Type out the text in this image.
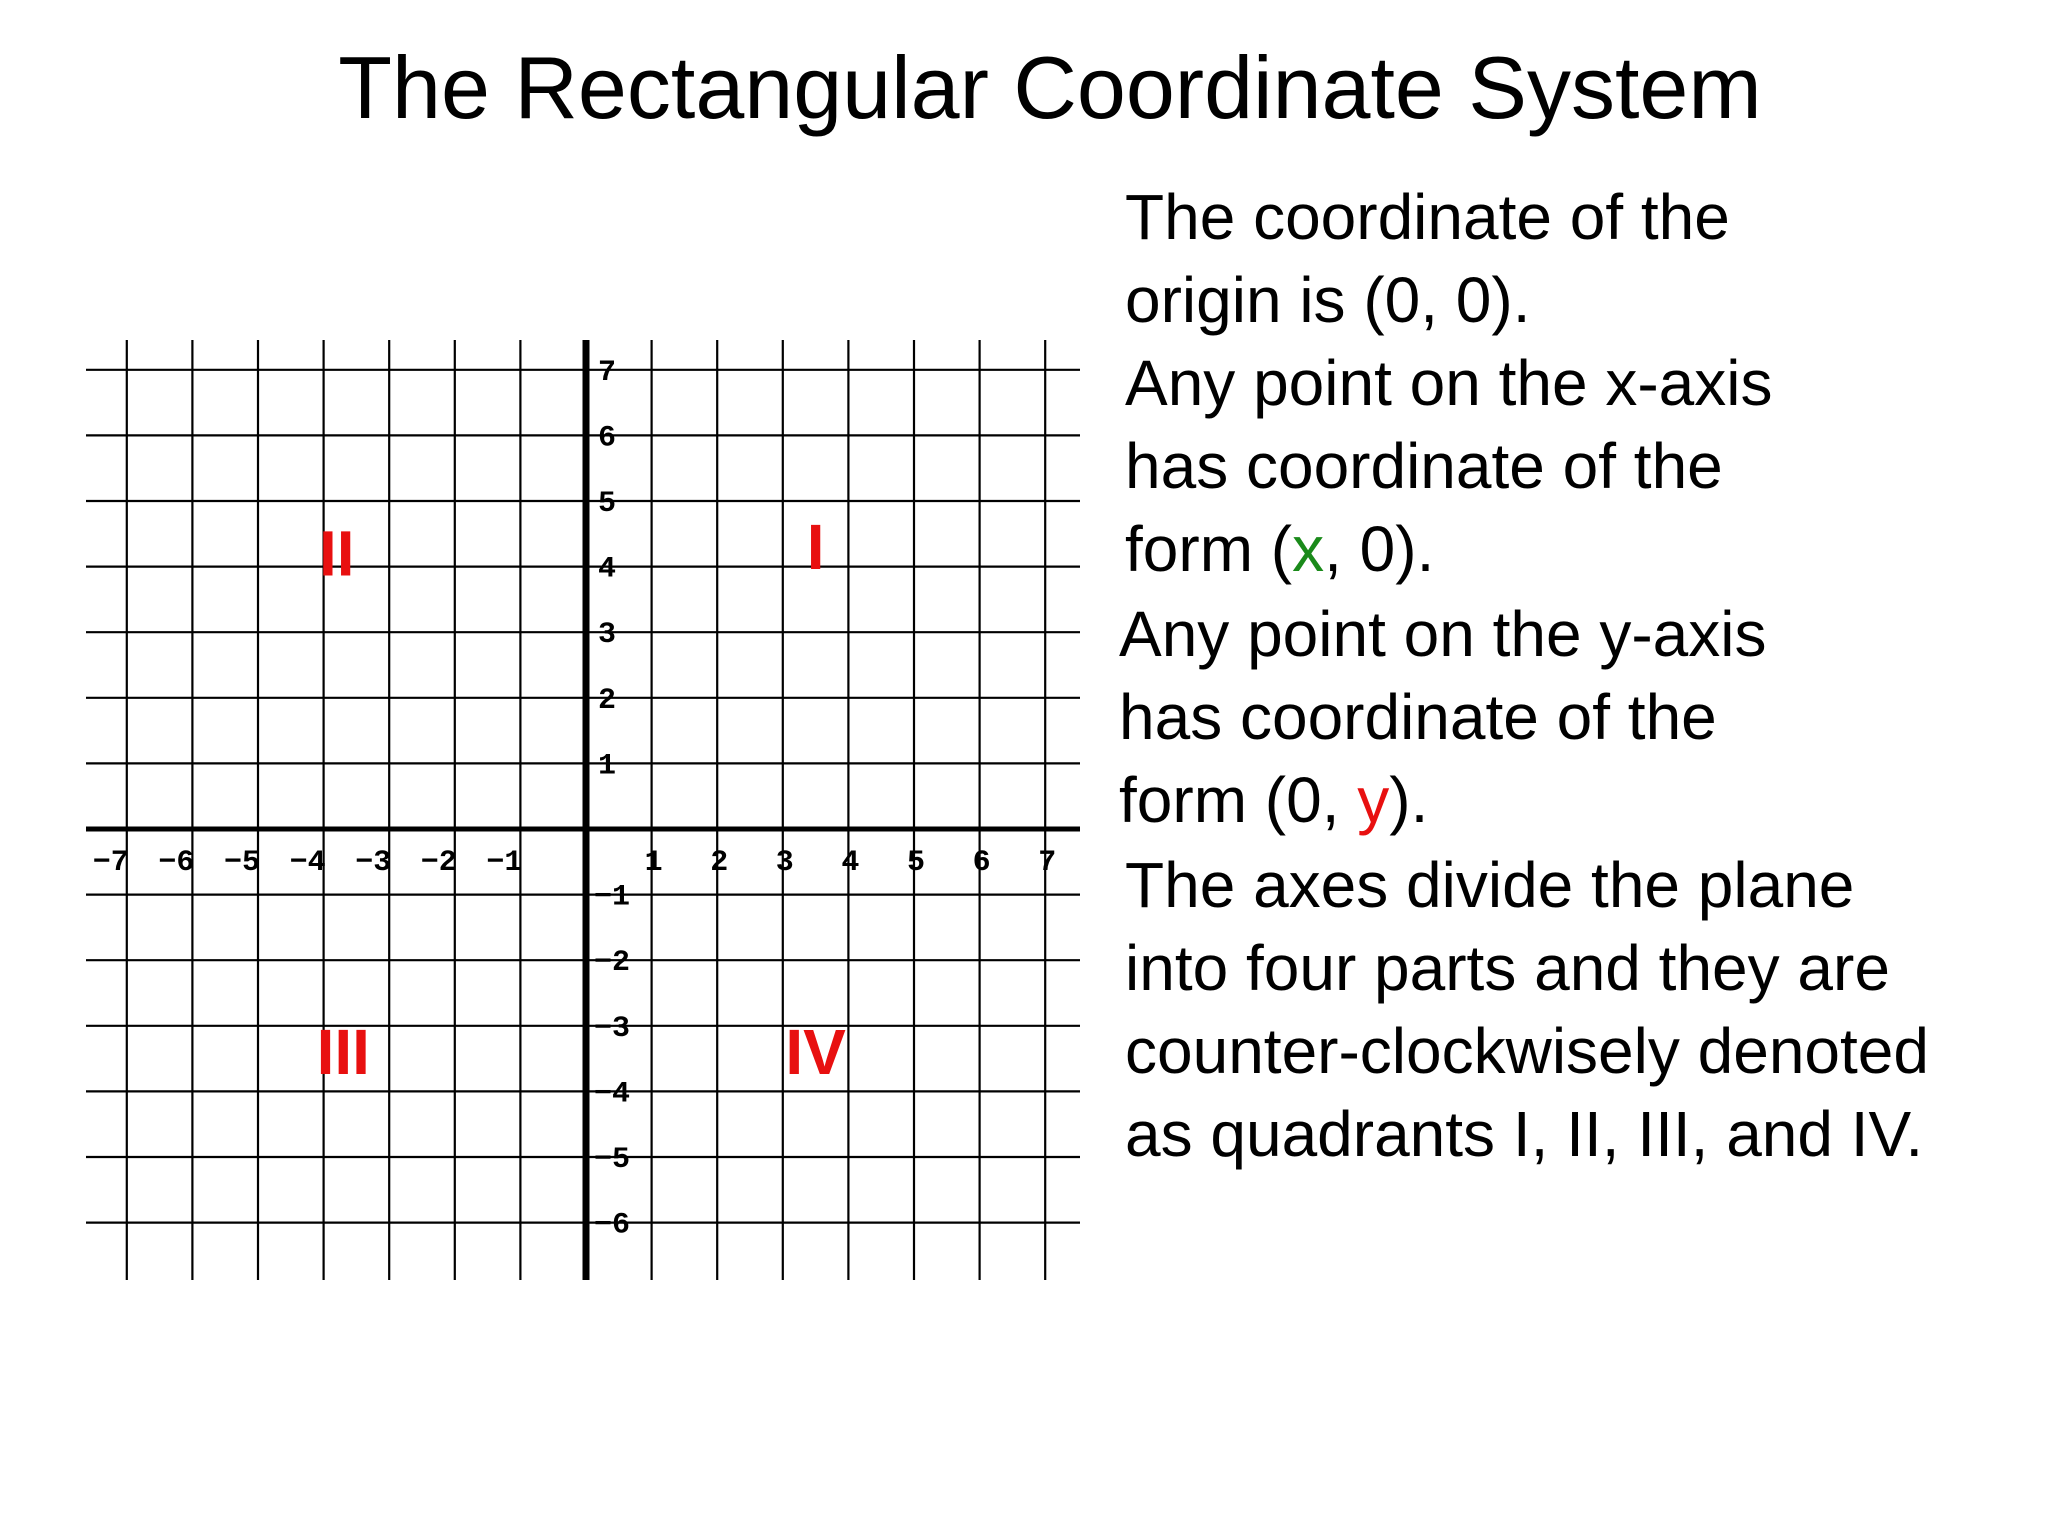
The Rectangular Coordinate System
−7 −6 −5 −4 −3 −2 −1	1 2 3 4 5 6 7
7
6
5
4
3
2
1
−1
−2
−3
−4
−5
−6
I
II
III	IV
The coordinate of the
origin is (0, 0).
Any point on the x-axis
has coordinate of the
form (x, 0).
Any point on the y-axis
has coordinate of the
form (0, y).
The axes divide the plane
into four parts and they are
counter-clockwisely denoted
as quadrants I, II, III, and IV.
